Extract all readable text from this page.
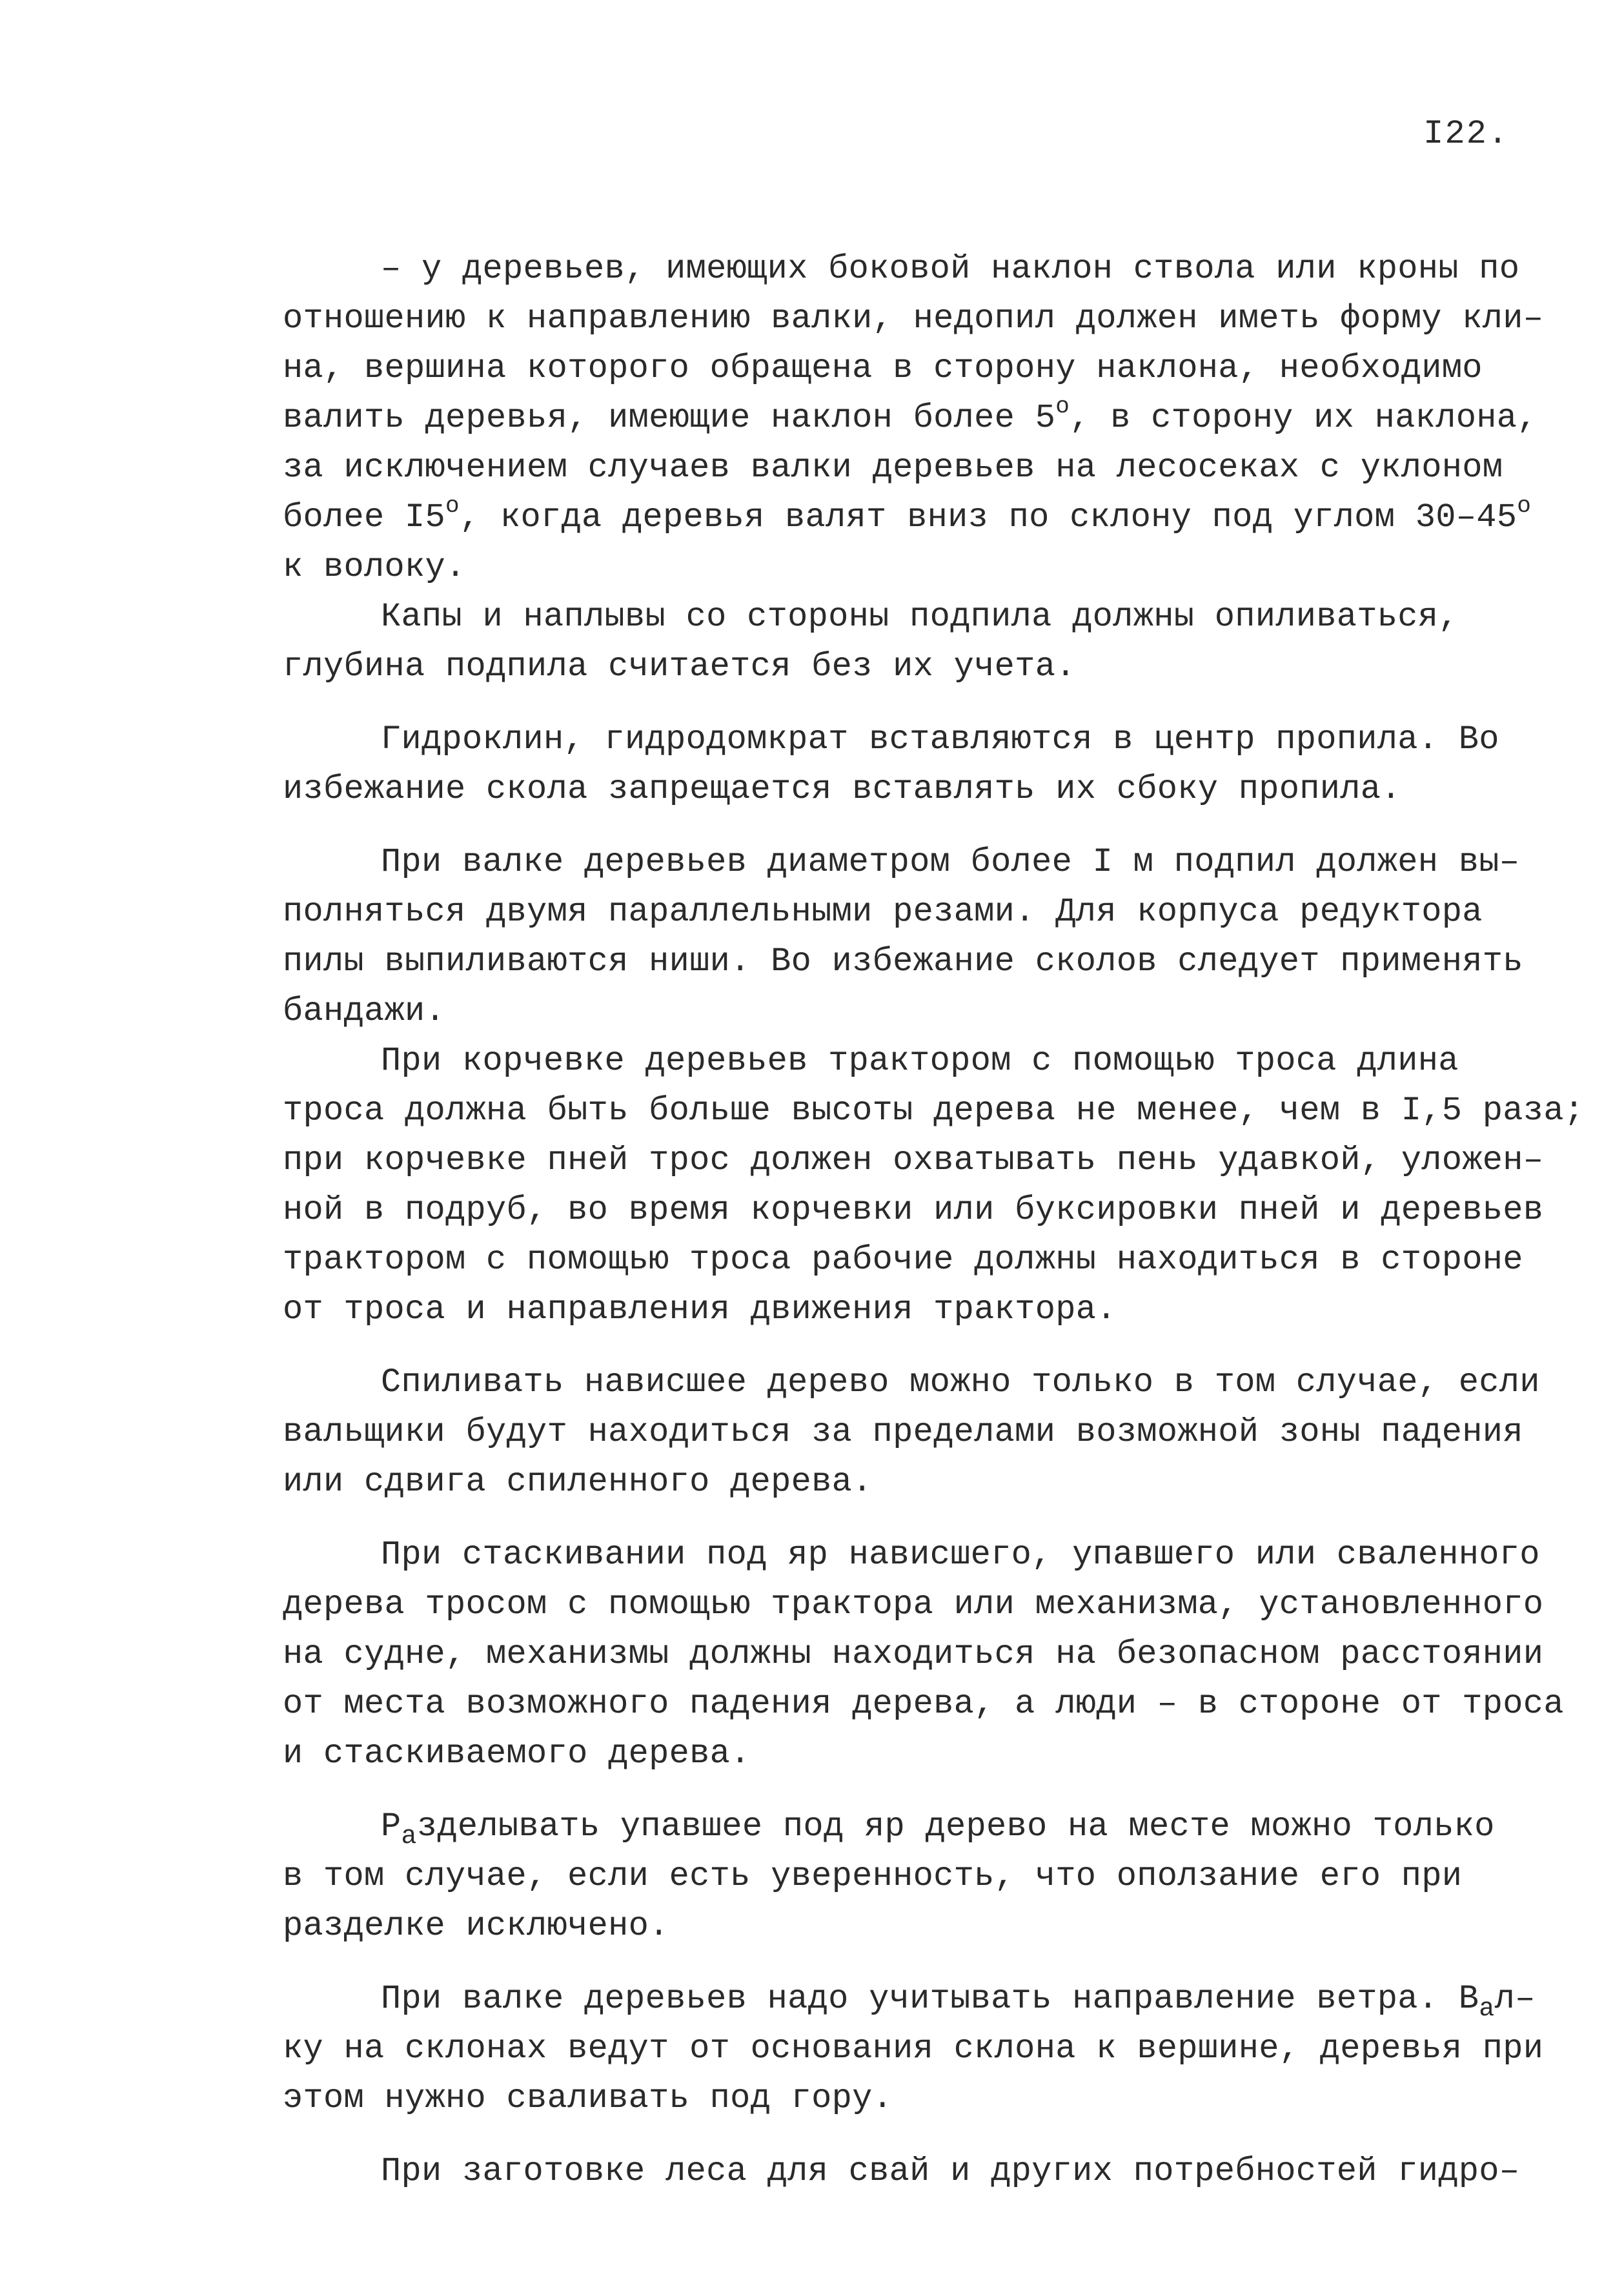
I22.
– у деревьев, имеющих боковой наклон ствола или кроны по
отношению к направлению валки, недопил должен иметь форму кли–
на, вершина которого обращена в сторону наклона, необходимо
валить деревья, имеющие наклон более $5^о$, в сторону их наклона,
за исключением случаев валки деревьев на лесосеках с уклоном
более $I5^о$, когда деревья валят вниз по склону под углом $30-45^о$
к волоку.
Капы и наплывы со стороны подпила должны опиливаться,
глубина подпила считается без их учета.
Гидроклин, гидродомкрат вставляются в центр пропила. Во
избежание скола запрещается вставлять их сбоку пропила.
При валке деревьев диаметром более I м подпил должен вы–
полняться двумя параллельными резами. Для корпуса редуктора
пилы выпиливаются ниши. Во избежание сколов следует применять
бандажи.
При корчевке деревьев трактором с помощью троса длина
троса должна быть больше высоты дерева не менее, чем в I,5 раза;
при корчевке пней трос должен охватывать пень удавкой, уложен–
ной в подруб, во время корчевки или буксировки пней и деревьев
трактором с помощью троса рабочие должны находиться в стороне
от троса и направления движения трактора.
Спиливать нависшее дерево можно только в том случае, если
вальщики будут находиться за пределами возможной зоны падения
или сдвига спиленного дерева.
При стаскивании под яр нависшего, упавшего или сваленного
дерева тросом с помощью трактора или механизма, установленного
на судне, механизмы должны находиться на безопасном расстоянии
от места возможного падения дерева, а люди – в стороне от троса
и стаскиваемого дерева.
$Р_азделывать$ упавшее под яр дерево на месте можно только
в том случае, если есть уверенность, что оползание его при
разделке исключено.
При валке деревьев надо учитывать направление ветра. $В_ал-$
ку на склонах ведут от основания склона к вершине, деревья при
этом нужно сваливать под гору.
При заготовке леса для свай и других потребностей гидро–
